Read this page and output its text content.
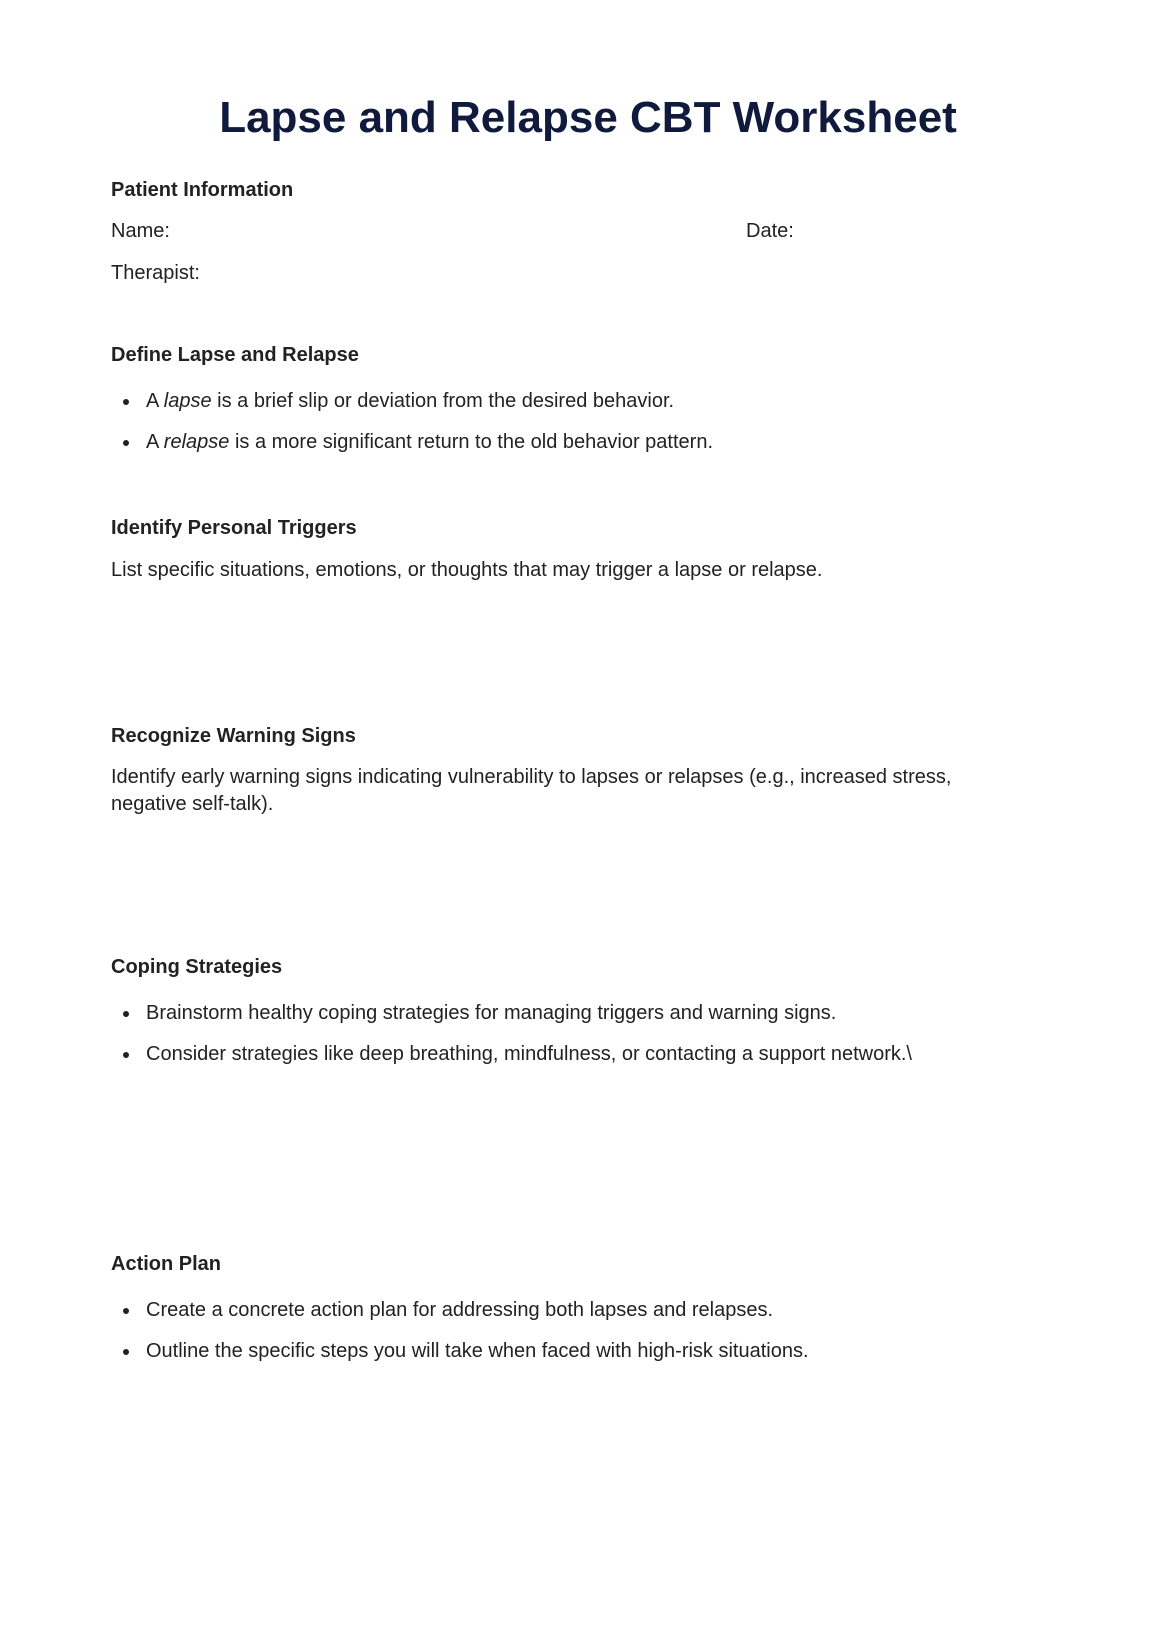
Lapse and Relapse CBT Worksheet
Patient Information
Name:	Date:
Therapist:
Define Lapse and Relapse
A lapse is a brief slip or deviation from the desired behavior.
A relapse is a more significant return to the old behavior pattern.
Identify Personal Triggers
List specific situations, emotions, or thoughts that may trigger a lapse or relapse.
Recognize Warning Signs
Identify early warning signs indicating vulnerability to lapses or relapses (e.g., increased stress, negative self-talk).
Coping Strategies
Brainstorm healthy coping strategies for managing triggers and warning signs.
Consider strategies like deep breathing, mindfulness, or contacting a support network.\
Action Plan
Create a concrete action plan for addressing both lapses and relapses.
Outline the specific steps you will take when faced with high-risk situations.
